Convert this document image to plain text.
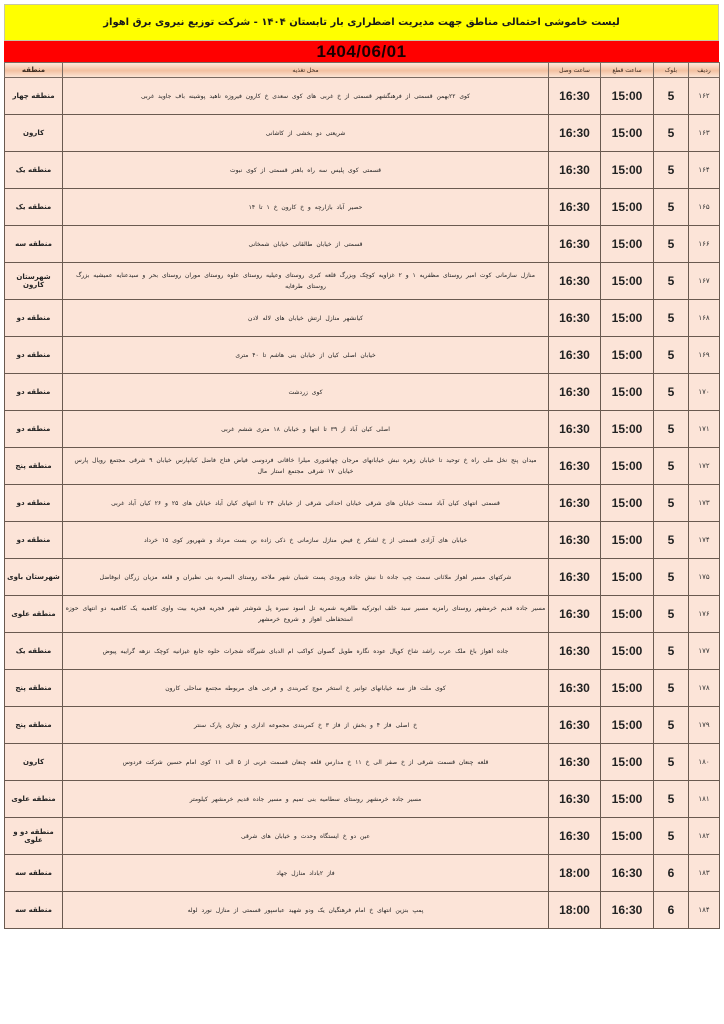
لیست خاموشی احتمالی مناطق جهت مدیریت اضطراری بار تابستان ۱۴۰۴ - شرکت توزیع نیروی برق اهواز
1404/06/01
ردیف	بلوک	ساعت قطع	ساعت وصل	محل تغذیه	منطقه
۱۶۲	5	15:00	16:30	کوی ۲۲بهمن قسمتی از فرهنگشهر قسمتی از خ غربی های کوی سعدی خ کارون فیروزه ناهید پوشینه باف جاوید غربی	منطقه چهار
۱۶۳	5	15:00	16:30	شریعتی دو بخشی از کاشانی	کارون
۱۶۴	5	15:00	16:30	قسمتی کوی پلیس سه راه باهنر قسمتی از کوی نبوت	منطقه یک
۱۶۵	5	15:00	16:30	حصیر آباد بازارچه و خ کارون خ ۱ تا ۱۴	منطقه یک
۱۶۶	5	15:00	16:30	قسمتی از خیابان طالقانی خیابان شمخانی	منطقه سه
۱۶۷	5	15:00	16:30	منازل سازمانی کوت امیر روستای مظفریه ۱ و ۲ غزاویه کوچک وبزرگ قلعه کبری روستای وعیلیه روستای علوه روستای موران روستای بحر و سیدعنایه عمیشیه بزرگ روستای طرفایه	شهرستان کارون
۱۶۸	5	15:00	16:30	کیانشهر منازل ارتش خیابان های لاله لادن	منطقه دو
۱۶۹	5	15:00	16:30	خیابان اصلی کیان از خیابان بنی هاشم تا ۴۰ متری	منطقه دو
۱۷۰	5	15:00	16:30	کوی زردشت	منطقه دو
۱۷۱	5	15:00	16:30	اصلی کیان آباد از ۳۹ تا انتها و خیابان ۱۸ متری ششم غربی	منطقه دو
۱۷۲	5	15:00	16:30	میدان پنج نخل ملی راه خ توحید تا خیابان زهره نبش خیابانهای مرجان چهاشوری میلرا خاقانی فردوسی فیاض فتاح فاضل کیانپارس خیابان ۹ شرقی مجتمع رویال پارس خیابان ۱۷ شرقی مجتمع استار مال	منطقه پنج
۱۷۳	5	15:00	16:30	قسمتی انتهای کیان آباد سمت خیابان های شرقی خیابان احداثی شرقی از خیابان ۲۴ تا انتهای کیان آباد خیابان های ۲۵ و ۲۶ کیان آباد غربی	منطقه دو
۱۷۴	5	15:00	16:30	خیابان های آزادی قسمتی از خ لشکر خ فیض منازل سازمانی خ ذکی زاده بن بست مرداد و شهریور کوی ۱۵ خرداد	منطقه دو
۱۷۵	5	15:00	16:30	شرکتهای مسیر اهواز ملاثانی سمت چپ جاده تا نبش جاده ورودی پست شیبان شهر ملاحه روستای البصره بنی نظیران و قلعه مزیان زرگان ابوفاضل	شهرستان باوی
۱۷۶	5	15:00	16:30	مسیر جاده قدیم خرمشهر روستای رامزیه مسیر سید خلف ابوترکیه طاهریه شمریه تل اسود سیره پل شوشتر شهر فجریه فجریه بیت واوی کافمیه یک کافمیه دو انتهای حوزه استحفاظی اهواز و شروع خرمشهر	منطقه علوی
۱۷۷	5	15:00	16:30	جاده اهواز باغ ملک عرب راشد شاخ کویال عوده نگاره طویل گصوان کواکب ام الدبای شیرگاه شجرات حلوه جابع غیزانیه کوچک نزهه گرایبه پیوض	منطقه یک
۱۷۸	5	15:00	16:30	کوی ملت فاز سه خیابانهای توانیر خ استخر موج کمربندی و فرعی های مربوطه مجتمع ساحلی کارون	منطقه پنج
۱۷۹	5	15:00	16:30	خ اصلی فاز ۴ و بخش از فاز ۳ خ کمربندی مجموعه اداری و تجاری پارک سنتر	منطقه پنج
۱۸۰	5	15:00	16:30	قلعه چنعان قسمت شرقی از خ صفر الی خ ۱۱ خ مدارس قلعه چنعان قسمت غربی از ۵ الی ۱۱ کوی امام حسین شرکت فردوس	کارون
۱۸۱	5	15:00	16:30	مسیر جاده خرمشهر روستای سطامیه بنی تمیم و مسیر جاده قدیم خرمشهر کیلومتر	منطقه علوی
۱۸۲	5	15:00	16:30	عین دو خ ایستگاه وحدت و خیابان های شرقی	منطقه دو و علوی
۱۸۳	6	16:30	18:00	فاز ۲باداد منازل جهاد	منطقه سه
۱۸۴	6	16:30	18:00	پمپ بنزین انتهای خ امام فرهنگیان یک ودو شهید عباسپور قسمتی از منازل نورد لوله	منطقه سه
